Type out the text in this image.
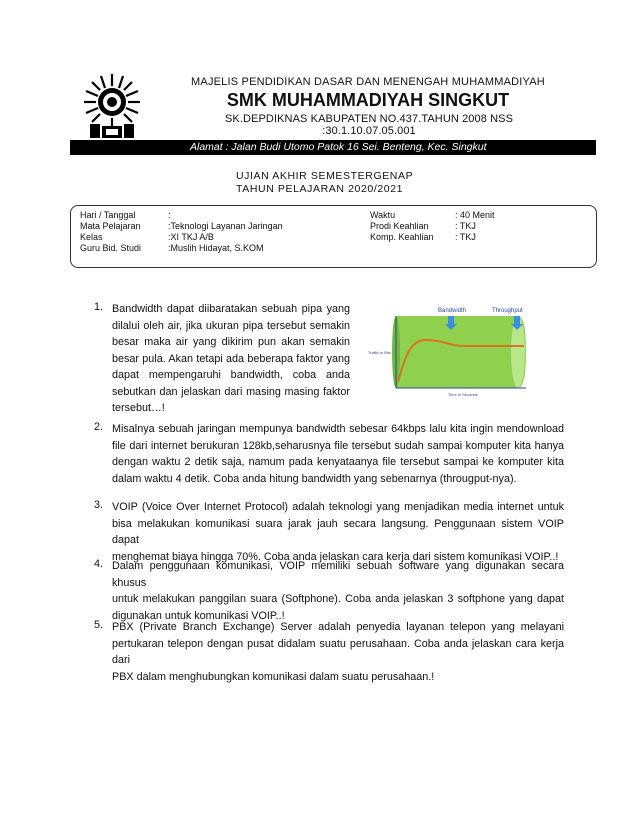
MAJELIS PENDIDIKAN DASAR DAN MENENGAH MUHAMMADIYAH
SMK MUHAMMADIYAH SINGKUT
SK.DEPDIKNAS KABUPATEN NO.437.TAHUN 2008 NSS :30.1.10.07.05.001
Alamat : Jalan Budi Utomo Patok 16 Sei. Benteng, Kec. Singkut
UJIAN AKHIR SEMESTERGENAP
TAHUN PELAJARAN 2020/2021
Hari / Tanggal
Mata Pelajaran
Kelas
Guru Bid. Studi
:
:Teknologi Layanan Jaringan
:XI TKJ A/B
:Muslih Hidayat, S.KOM
Waktu
Prodi Keahlian
Komp. Keahlian
: 40 Menit
: TKJ
: TKJ
1. Bandwidth dapat diibaratakan sebuah pipa yang
dilalui oleh air, jika ukuran pipa tersebut semakin
besar maka air yang dikirim pun akan semakin
besar pula. Akan tetapi ada beberapa faktor yang
dapat mempengaruhi bandwidth, coba anda
sebutkan dan jelaskan dari masing masing faktor
tersebut…!
Bandwidth	Throughput
Traffic in Bits
Time in Seconds
2. Misalnya sebuah jaringan mempunya bandwidth sebesar 64kbps lalu kita ingin mendownload
file dari internet berukuran 128kb,seharusnya file tersebut sudah sampai komputer kita hanya
dengan waktu 2 detik saja, namum pada kenyataanya file tersebut sampai ke komputer kita
dalam waktu 4 detik. Coba anda hitung bandwidth yang sebenarnya (througput-nya).
3. VOIP (Voice Over Internet Protocol) adalah teknologi yang menjadikan media internet untuk
bisa melakukan komunikasi suara jarak jauh secara langsung. Penggunaan sistem VOIP dapat
menghemat biaya hingga 70%. Coba anda jelaskan cara kerja dari sistem komunikasi VOIP..!
4. Dalam penggunaan komunikasi, VOIP memiliki sebuah software yang digunakan secara khusus
untuk melakukan panggilan suara (Softphone). Coba anda jelaskan 3 softphone yang dapat
digunakan untuk komunikasi VOIP..!
5. PBX (Private Branch Exchange) Server adalah penyedia layanan telepon yang melayani
pertukaran telepon dengan pusat didalam suatu perusahaan. Coba anda jelaskan cara kerja dari
PBX dalam menghubungkan komunikasi dalam suatu perusahaan.!
